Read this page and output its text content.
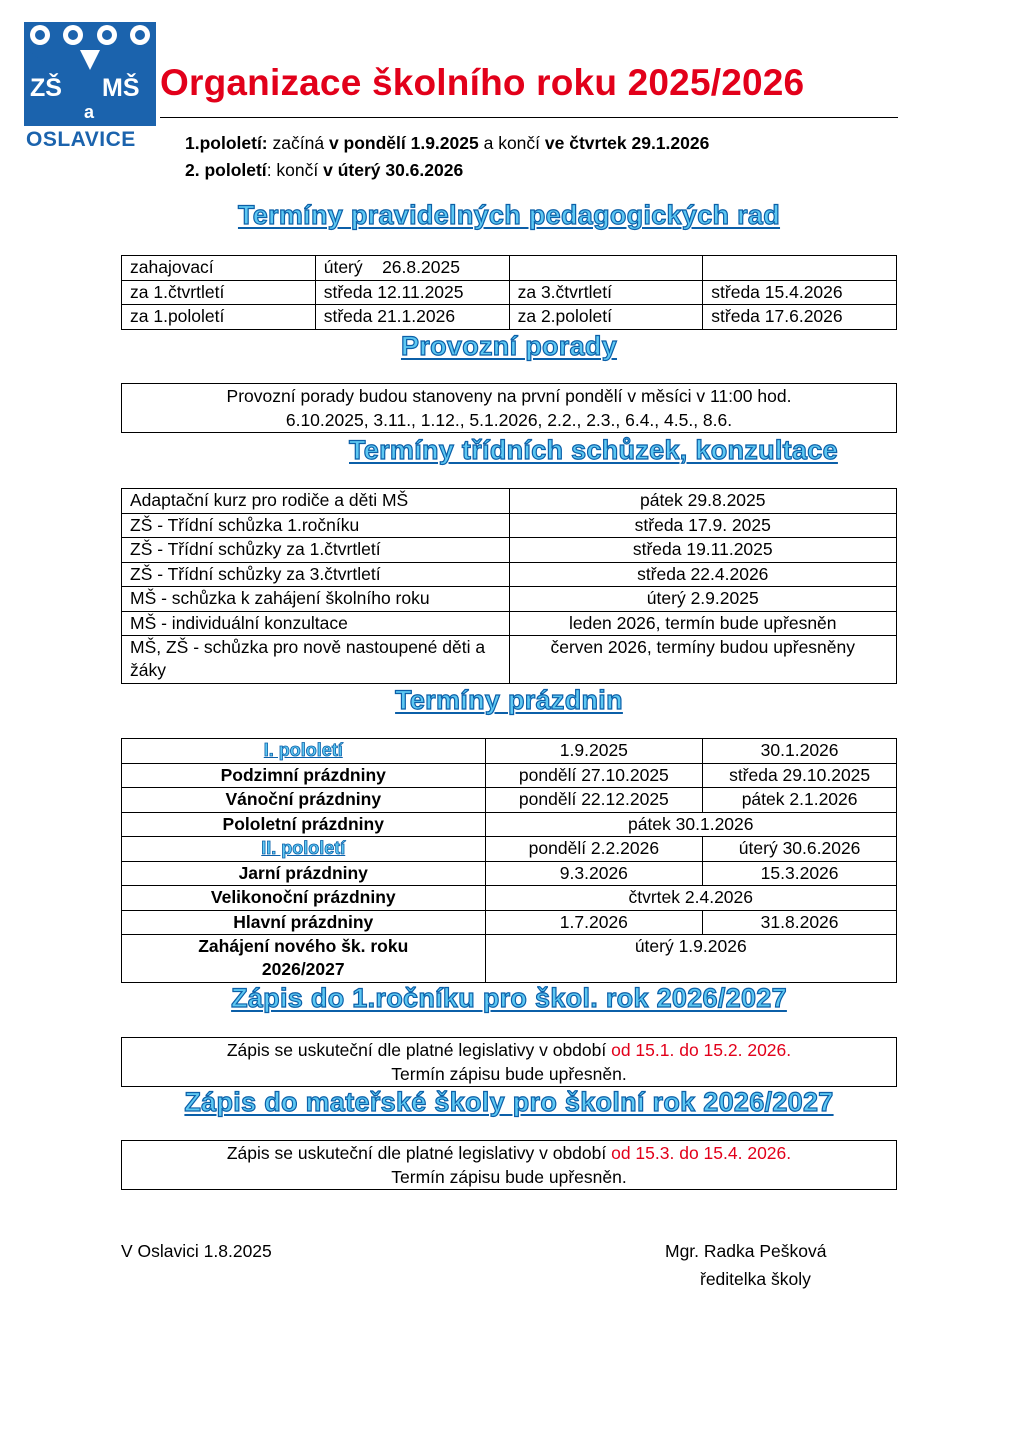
ZŠ MŠ
a
OSLAVICE
Organizace školního roku 2025/2026
1.pololetí: začíná v pondělí 1.9.2025 a končí ve čtvrtek 29.1.2026
2. pololetí: končí v úterý 30.6.2026
Termíny pravidelných pedagogických rad
zahajovací	úterý    26.8.2025		
za 1.čtvrtletí	středa 12.11.2025	za 3.čtvrtletí	středa 15.4.2026
za 1.pololetí	středa 21.1.2026	za 2.pololetí	středa 17.6.2026
Provozní porady
Provozní porady budou stanoveny na první pondělí v měsíci v 11:00 hod.
6.10.2025, 3.11., 1.12., 5.1.2026, 2.2., 2.3., 6.4., 4.5., 8.6.
Termíny třídních schůzek, konzultace
Adaptační kurz pro rodiče a děti MŠ	pátek 29.8.2025
ZŠ - Třídní schůzka 1.ročníku	středa 17.9. 2025
ZŠ - Třídní schůzky za 1.čtvrtletí	středa 19.11.2025
ZŠ - Třídní schůzky za 3.čtvrtletí	středa 22.4.2026
MŠ - schůzka k zahájení školního roku	úterý 2.9.2025
MŠ - individuální konzultace	leden 2026, termín bude upřesněn
MŠ, ZŠ - schůzka pro nově nastoupené děti a žáky	červen 2026, termíny budou upřesněny
Termíny prázdnin
I. pololetí	1.9.2025	30.1.2026
Podzimní prázdniny	pondělí 27.10.2025	středa 29.10.2025
Vánoční prázdniny	pondělí 22.12.2025	pátek 2.1.2026
Pololetní prázdniny	pátek 30.1.2026	
II. pololetí	pondělí 2.2.2026	úterý 30.6.2026
Jarní prázdniny	9.3.2026	15.3.2026
Velikonoční prázdniny	čtvrtek 2.4.2026	
Hlavní prázdniny	1.7.2026	31.8.2026
Zahájení nového šk. roku 2026/2027	úterý 1.9.2026	
Zápis do 1.ročníku pro škol. rok 2026/2027
Zápis se uskuteční dle platné legislativy v období od 15.1. do 15.2. 2026.
Termín zápisu bude upřesněn.
Zápis do mateřské školy pro školní rok 2026/2027
Zápis se uskuteční dle platné legislativy v období od 15.3. do 15.4. 2026.
Termín zápisu bude upřesněn.
V Oslavici 1.8.2025	Mgr. Radka Pešková
ředitelka školy
